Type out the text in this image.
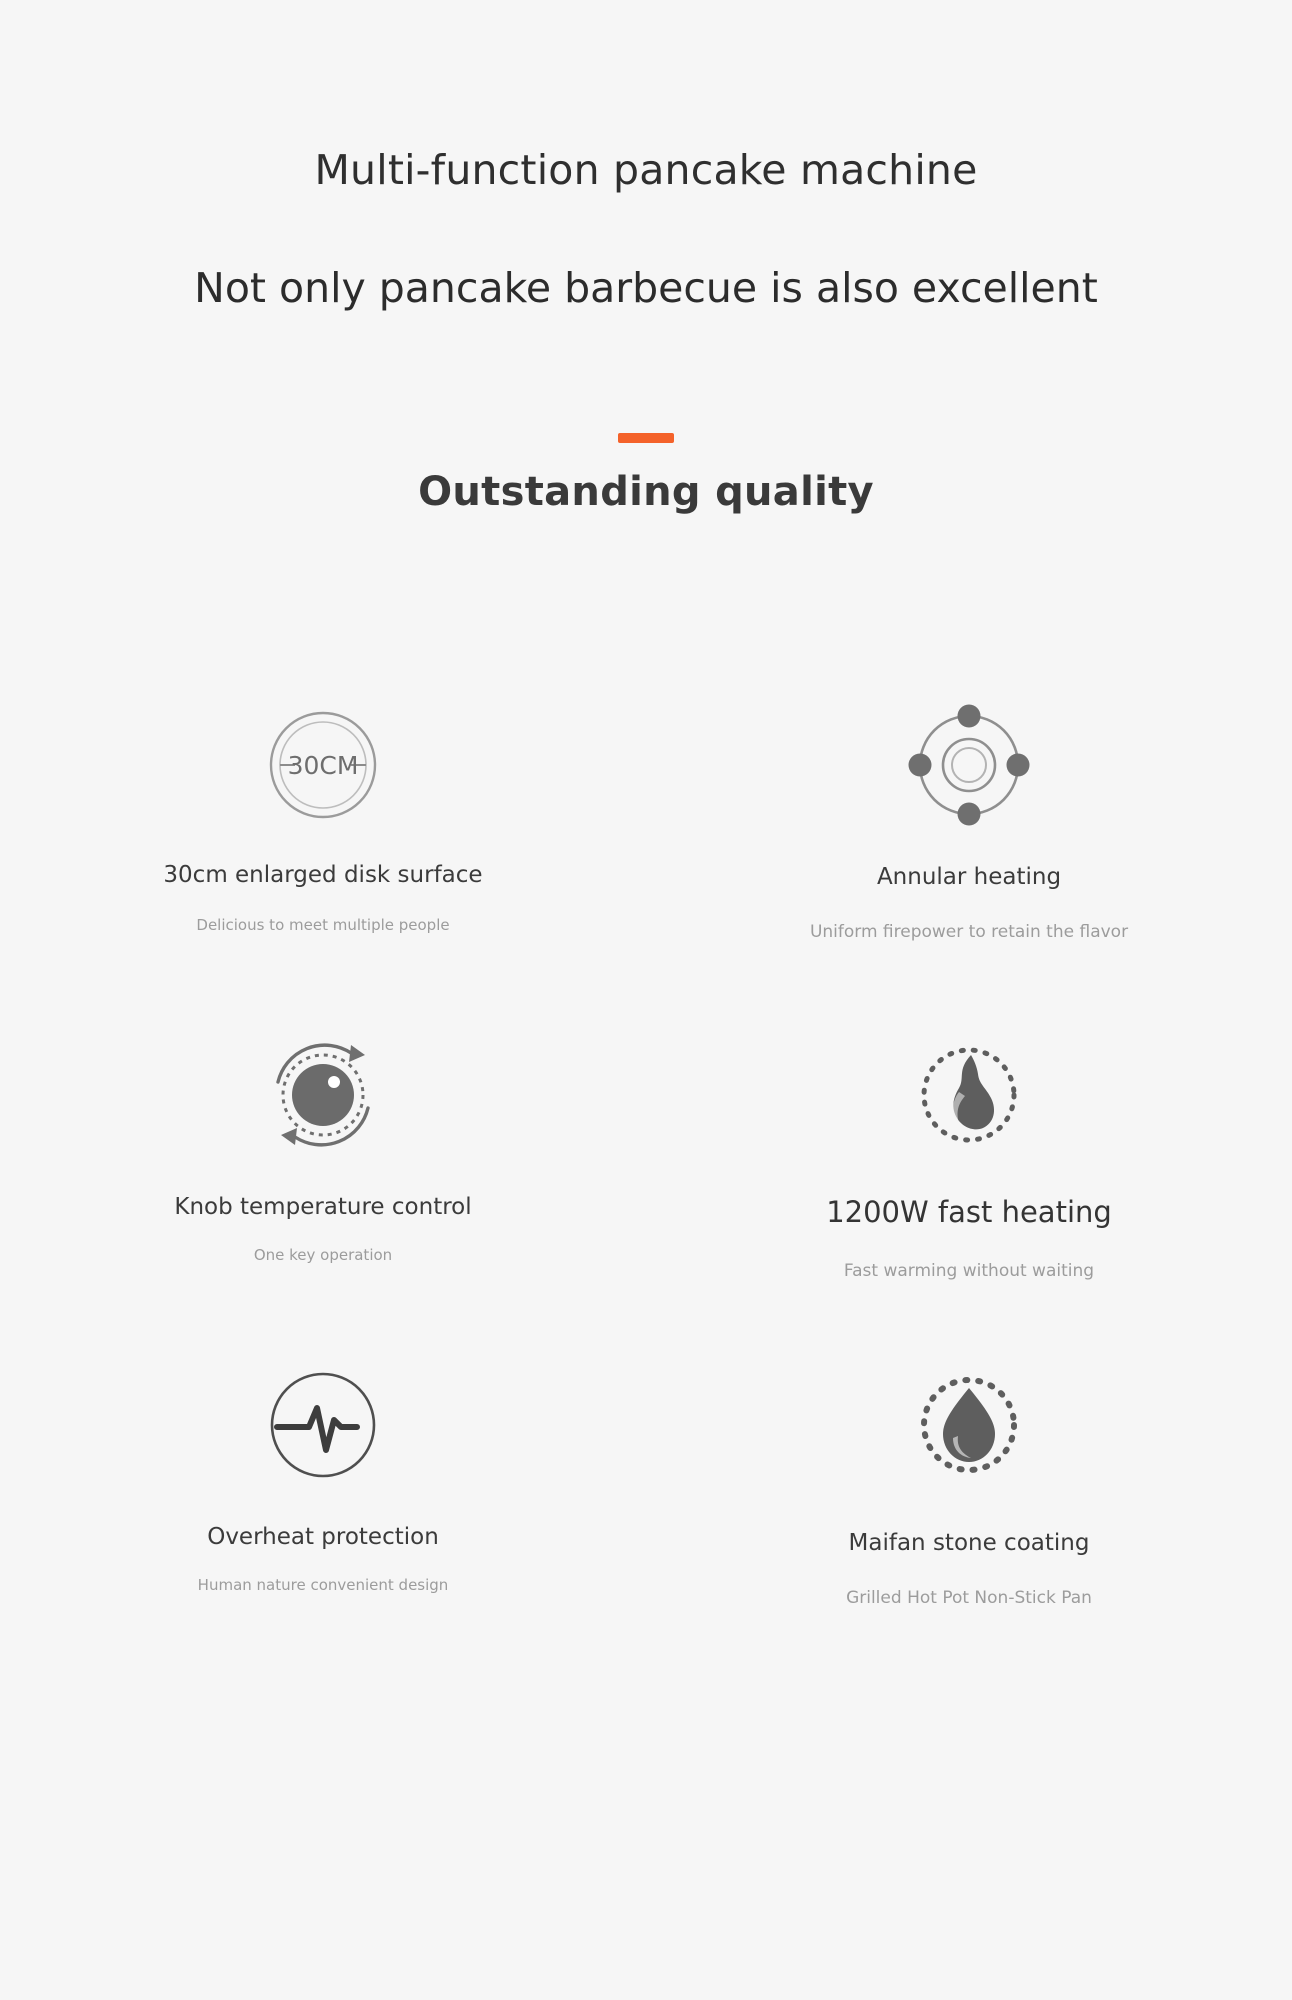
Multi-function pancake machine
Not only pancake barbecue is also excellent
Outstanding quality
30CM
30cm enlarged disk surface
Delicious to meet multiple people
Annular heating
Uniform firepower to retain the flavor
Knob temperature control
One key operation
1200W fast heating
Fast warming without waiting
Overheat protection
Human nature convenient design
Maifan stone coating
Grilled Hot Pot Non-Stick Pan
